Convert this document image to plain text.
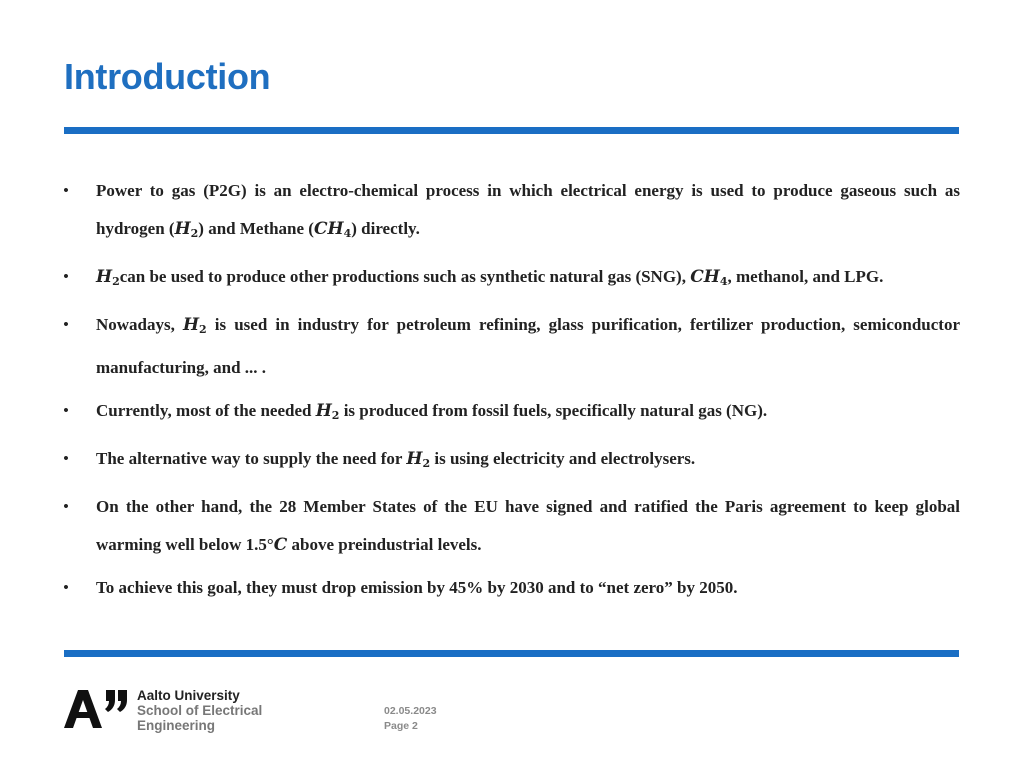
Introduction
• Power to gas (P2G) is an electro-chemical process in which electrical energy is used to produce gaseous such as hydrogen $(H_2)$ and Methane $(CH_4)$ directly.
• $H_2can$ be used to produce other productions such as synthetic natural gas (SNG), $CH_4$, methanol, and LPG.
• Nowadays, $H_2$ is used in industry for petroleum refining, glass purification, fertilizer production, semiconductor manufacturing, and ... .
• Currently, most of the needed $H_2$ is produced from fossil fuels, specifically natural gas (NG).
• The alternative way to supply the need for $H_2$ is using electricity and electrolysers.
• On the other hand, the 28 Member States of the EU have signed and ratified the Paris agreement to keep global warming well below 1.5°C above preindustrial levels.
• To achieve this goal, they must drop emission by 45% by 2030 and to “net zero” by 2050.
Aalto University
School of Electrical
Engineering
02.05.2023
Page 2
